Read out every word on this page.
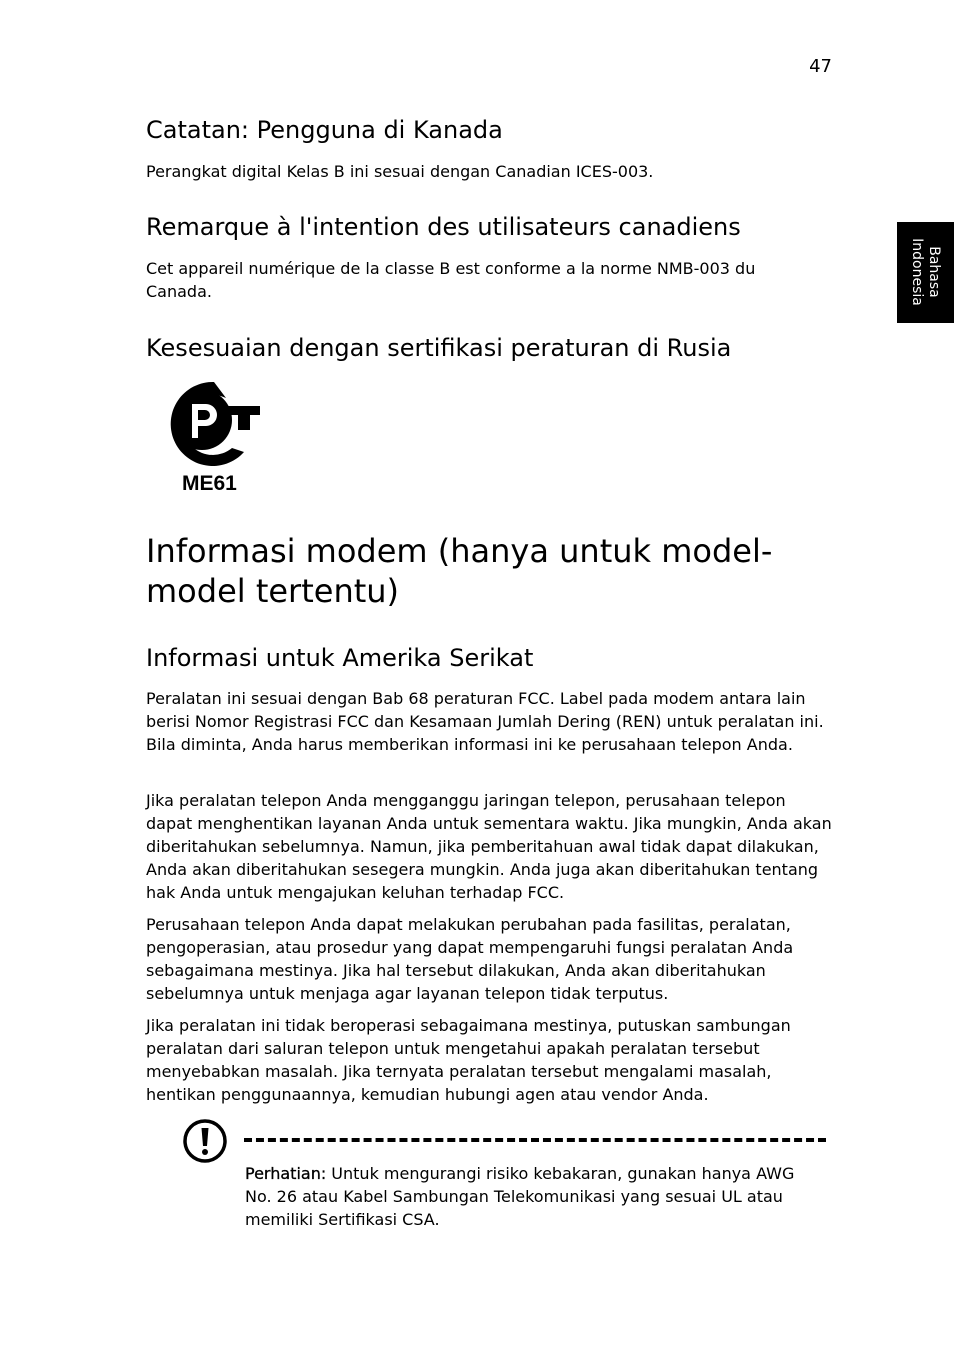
47
Bahasa
Indonesia
Catatan: Pengguna di Kanada
Perangkat digital Kelas B ini sesuai dengan Canadian ICES-003.
Remarque à l'intention des utilisateurs canadiens
Cet appareil numérique de la classe B est conforme a la norme NMB-003 du Canada.
Kesesuaian dengan sertifikasi peraturan di Rusia
ME61
Informasi modem (hanya untuk model-model tertentu)
Informasi untuk Amerika Serikat
Peralatan ini sesuai dengan Bab 68 peraturan FCC. Label pada modem antara lain berisi Nomor Registrasi FCC dan Kesamaan Jumlah Dering (REN) untuk peralatan ini. Bila diminta, Anda harus memberikan informasi ini ke perusahaan telepon Anda.
Jika peralatan telepon Anda mengganggu jaringan telepon, perusahaan telepon dapat menghentikan layanan Anda untuk sementara waktu. Jika mungkin, Anda akan diberitahukan sebelumnya. Namun, jika pemberitahuan awal tidak dapat dilakukan, Anda akan diberitahukan sesegera mungkin. Anda juga akan diberitahukan tentang hak Anda untuk mengajukan keluhan terhadap FCC.
Perusahaan telepon Anda dapat melakukan perubahan pada fasilitas, peralatan, pengoperasian, atau prosedur yang dapat mempengaruhi fungsi peralatan Anda sebagaimana mestinya. Jika hal tersebut dilakukan, Anda akan diberitahukan sebelumnya untuk menjaga agar layanan telepon tidak terputus.
Jika peralatan ini tidak beroperasi sebagaimana mestinya, putuskan sambungan peralatan dari saluran telepon untuk mengetahui apakah peralatan tersebut menyebabkan masalah. Jika ternyata peralatan tersebut mengalami masalah, hentikan penggunaannya, kemudian hubungi agen atau vendor Anda.
Perhatian: Untuk mengurangi risiko kebakaran, gunakan hanya AWG No. 26 atau Kabel Sambungan Telekomunikasi yang sesuai UL atau memiliki Sertifikasi CSA.
